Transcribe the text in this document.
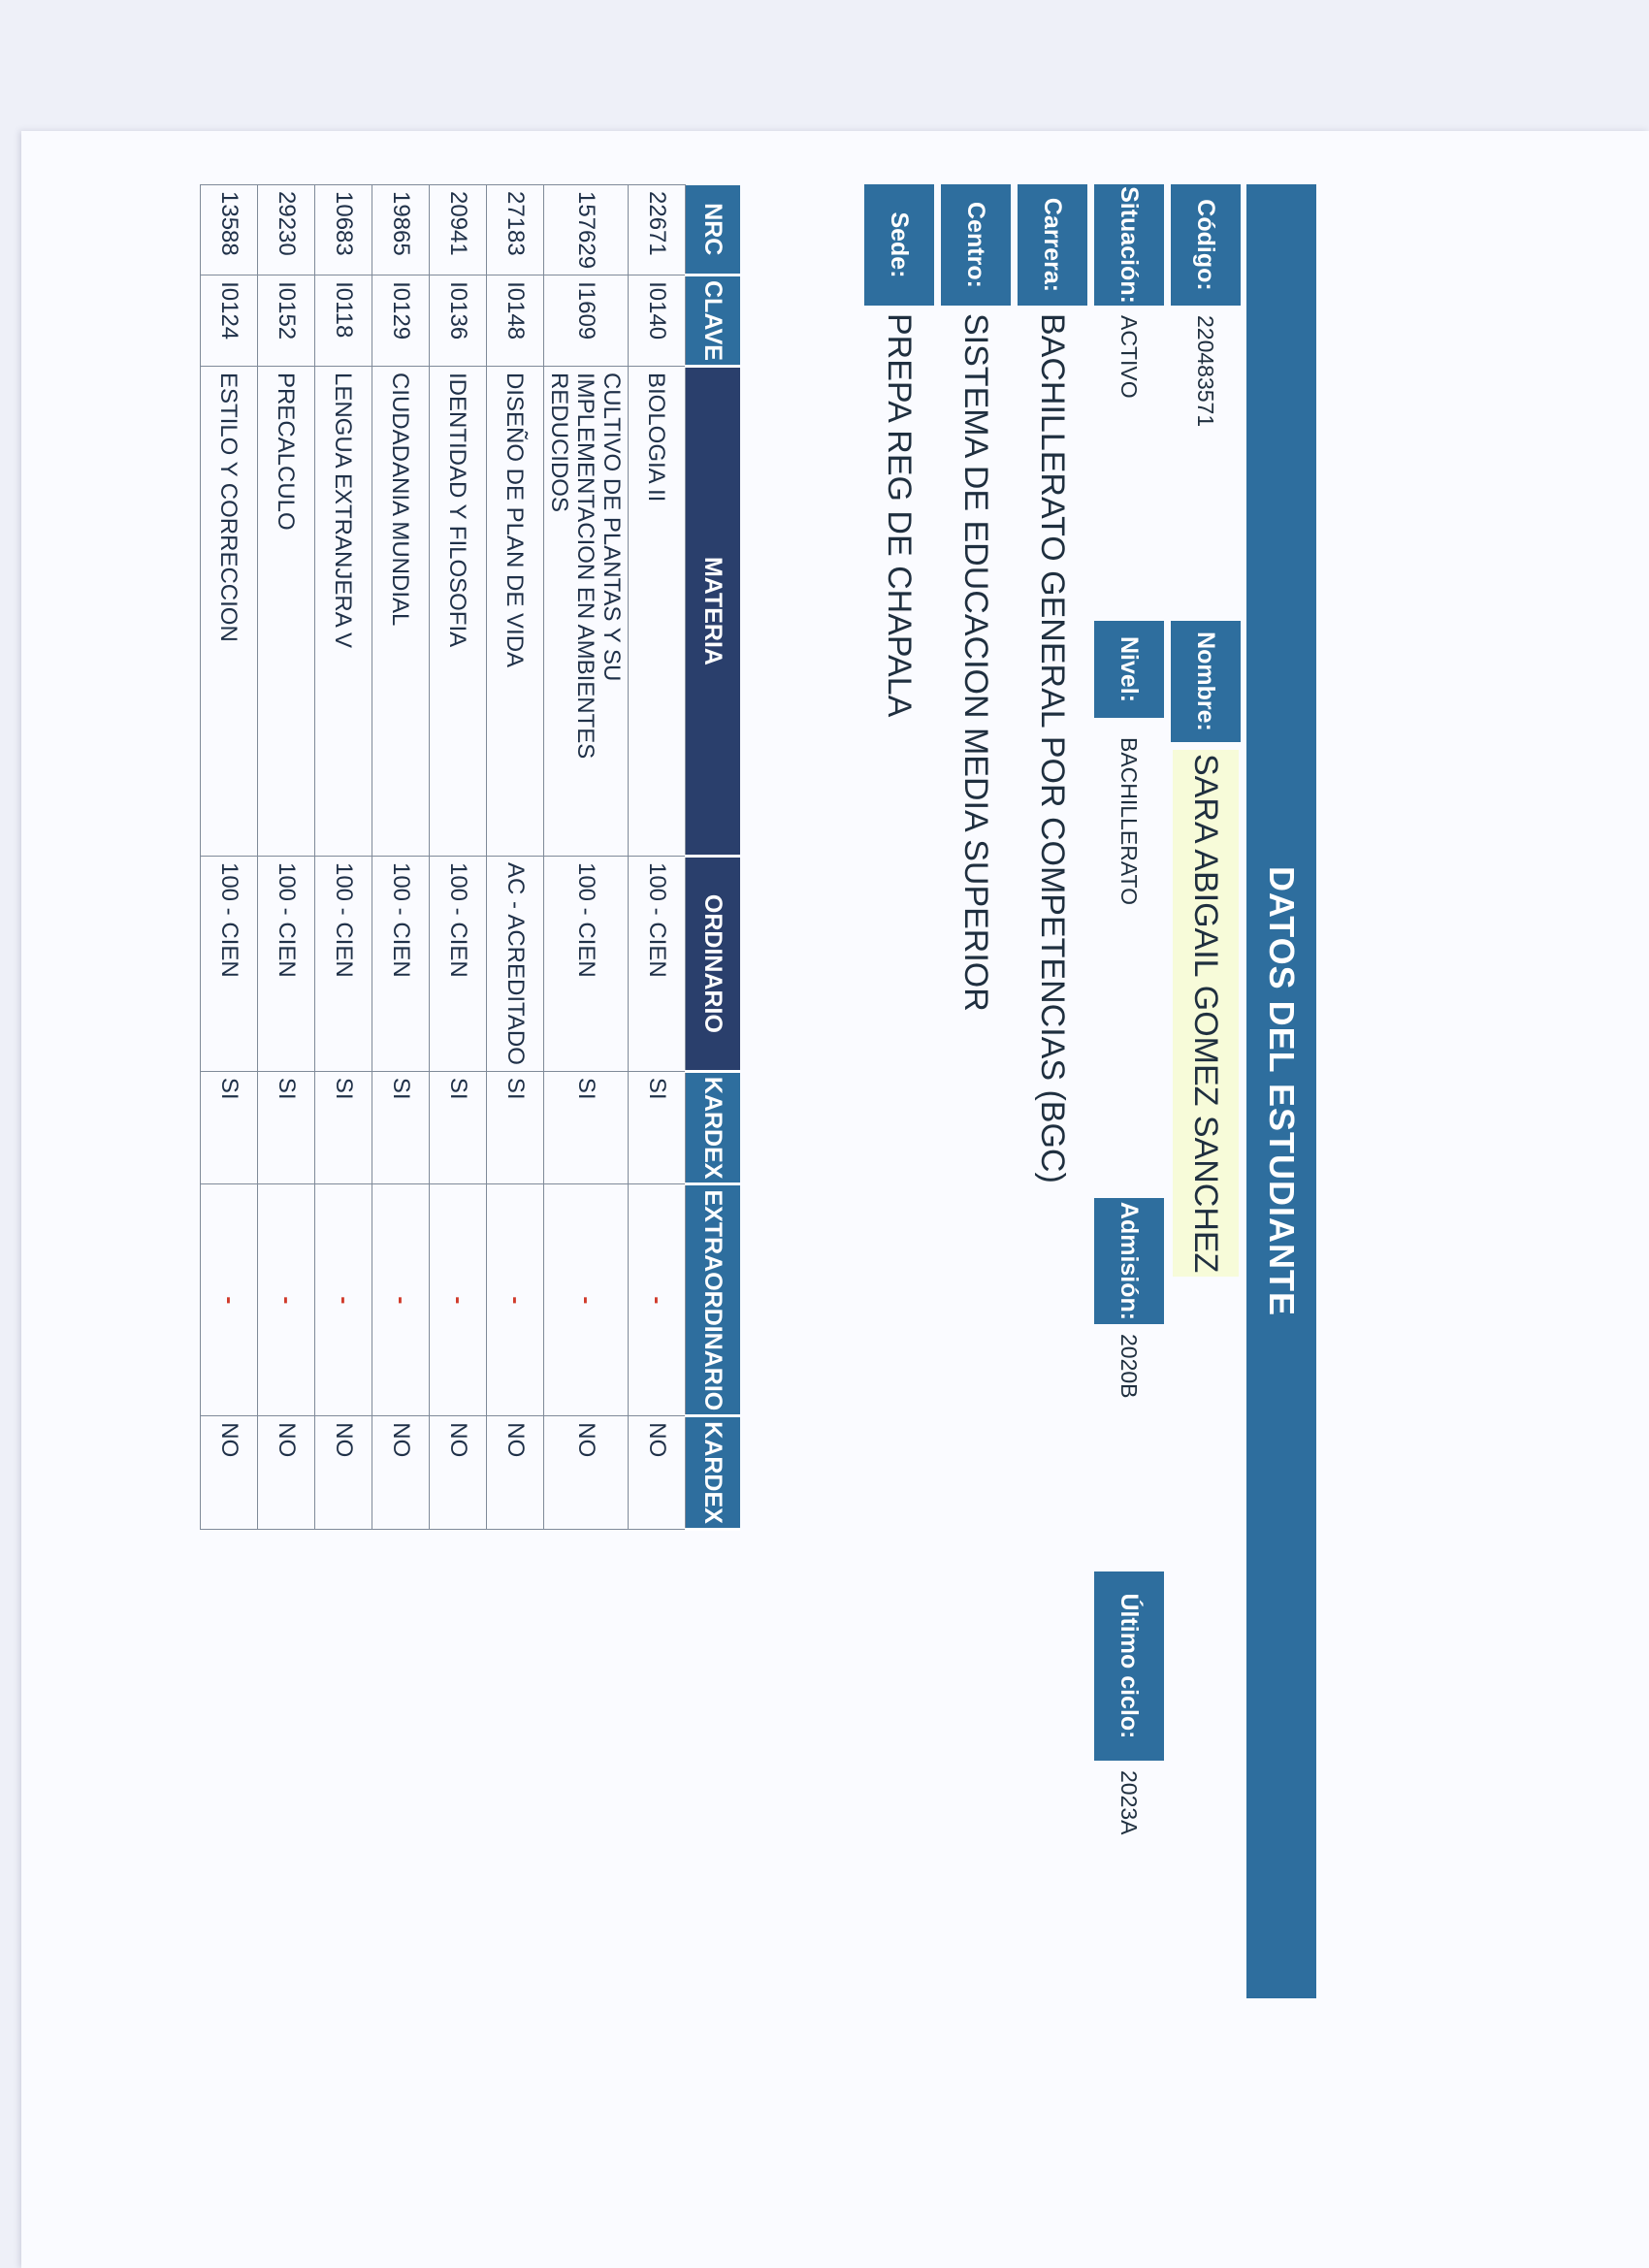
DATOS DEL ESTUDIANTE
Código:
220483571
Nombre:
SARA ABIGAIL GOMEZ SANCHEZ
Situación:
ACTIVO
Nivel:
BACHILLERATO
Admisión:
2020B
Último ciclo:
2023A
Carrera:
BACHILLERATO GENERAL POR COMPETENCIAS (BGC)
Centro:
SISTEMA DE EDUCACION MEDIA SUPERIOR
Sede:
PREPA REG DE CHAPALA
NRC	CLAVE	MATERIA	ORDINARIO	KARDEX	EXTRAORDINARIO	KARDEX
22671	I0140	BIOLOGIA II	100 - CIEN	SI	-	NO
157629	I1609	CULTIVO DE PLANTAS Y SU IMPLEMENTACION EN AMBIENTES REDUCIDOS	100 - CIEN	SI	-	NO
27183	I0148	DISEÑO DE PLAN DE VIDA	AC - ACREDITADO	SI	-	NO
20941	I0136	IDENTIDAD Y FILOSOFIA	100 - CIEN	SI	-	NO
19865	I0129	CIUDADANIA MUNDIAL	100 - CIEN	SI	-	NO
10683	I0118	LENGUA EXTRANJERA V	100 - CIEN	SI	-	NO
29230	I0152	PRECALCULO	100 - CIEN	SI	-	NO
13588	I0124	ESTILO Y CORRECCION	100 - CIEN	SI	-	NO
